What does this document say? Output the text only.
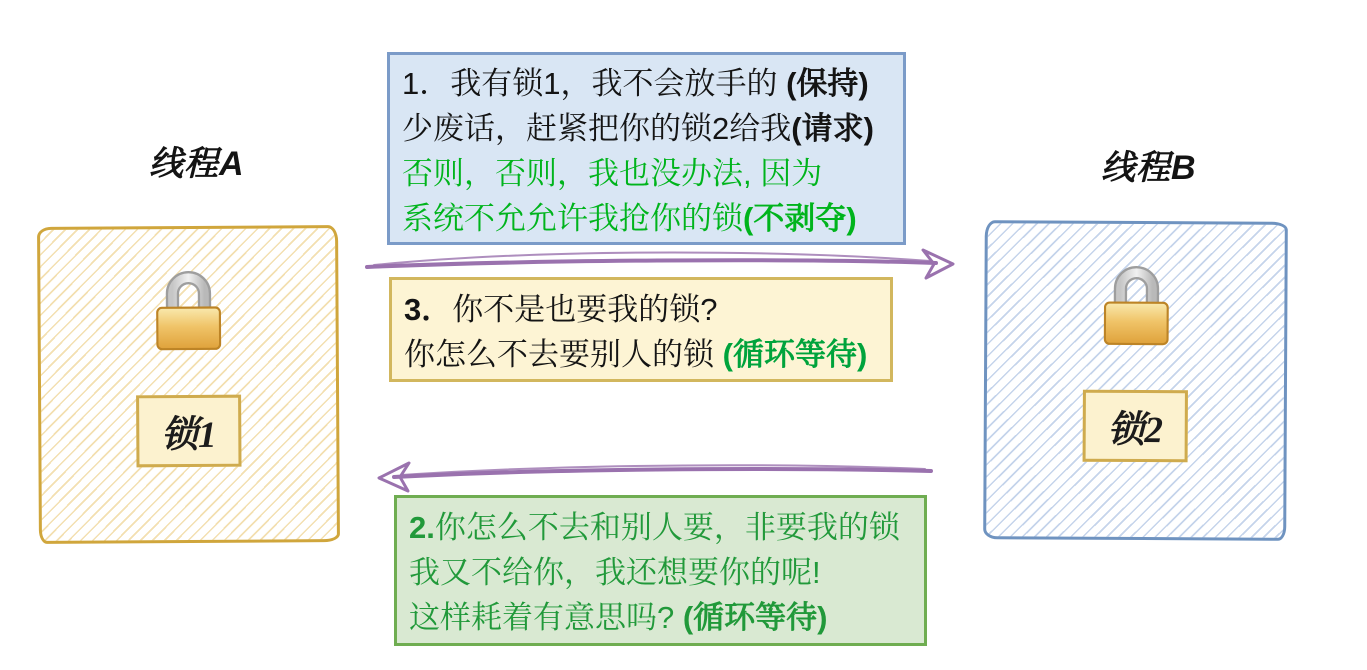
线程A	线程B
锁1	锁2
1．我有锁1，我不会放手的 (保持)
少废话，赶紧把你的锁2给我(请求)
否则，否则，我也没办法, 因为
系统不允允许我抢你的锁(不剥夺)
3．你不是也要我的锁?
你怎么不去要别人的锁 (循环等待)
2.你怎么不去和别人要，非要我的锁
我又不给你，我还想要你的呢!
这样耗着有意思吗? (循环等待)
